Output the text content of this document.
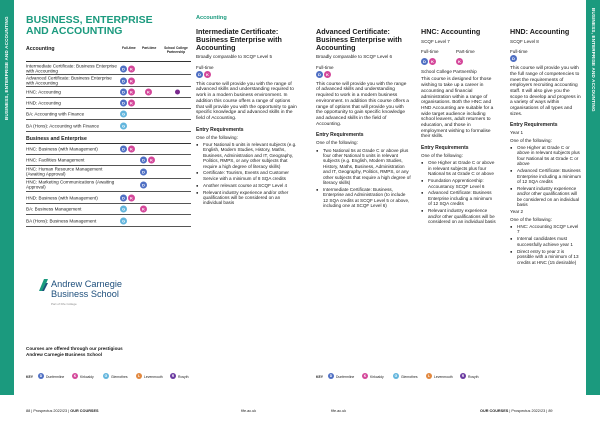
BUSINESS, ENTERPRISE AND ACCOUNTING	BUSINESS, ENTERPRISE AND ACCOUNTING
BUSINESS, ENTERPRISE AND ACCOUNTING
Accounting	Full-time Part-time	School College Partnership
Intermediate Certificate: Business Enterprise with Accounting	D	K
Advanced Certificate: Business Enterprise with Accounting	D	K
HNC: Accounting	D	K	K
HND: Accounting	D	K
BA: Accounting with Finance	G
BA (Hons): Accounting with Finance	G
Business and Enterprise
HNC: Business (with Management)	D	K
HNC: Facilities Management	D	K
HNC: Human Resource Management (Awaiting Approval)	D
HNC: Marketing Communications (Awaiting Approval)	D
HND: Business (with Management)	D	K
BA: Business Management	G	K
BA (Hons): Business Management	G
Andrew Carnegie
Business School
Part of Fife College
Courses are offered through our prestigious Andrew Carnegie Business School
Accounting
Intermediate Certificate: Business Enterprise with Accounting
Broadly comparable to SCQF Level 5
Full-time
D	K
This course will provide you with the range of advanced skills and understanding required to work in a modern business environment. In addition this course offers a range of options that will provide you with the opportunity to gain specific knowledge and advanced skills in the field of Accounting.
Entry Requirements
One of the following:
● Four National 5 units in relevant subjects (e.g. English, Modern Studies, History, Maths, Business, Administration and IT, Geography, Politics, RMPS, or any other subjects that require a high degree of literacy skills)
● Certificate: Tourism, Events and Customer Service with a minimum of 8 SQA credits
● Another relevant course at SCQF Level 4
● Relevant industry experience and/or other qualifications will be considered on an individual basis
Advanced Certificate: Business Enterprise with Accounting
Broadly comparable to SCQF Level 6
Full-time
D	K
This course will provide you with the range of advanced skills and understanding required to work in a modern business environment. In addition this course offers a range of options that will provide you with the opportunity to gain specific knowledge and advanced skills in the field of Accounting.
Entry Requirements
One of the following:
● Two National 5s at Grade C or above plus four other National 5 units in relevant subjects (e.g. English, Modern Studies, History, Maths, Business, Administration and IT, Geography, Politics, RMPS, or any other subjects that require a high degree of literacy skills)
● Intermediate Certificate: Business, Enterprise and Administration (to include 12 SQA credits at SCQF Level 5 or above, including one at SCQF Level 6)
HNC: Accounting
SCQF Level 7
Full-time	Part-time
D	K	K
School College Partnership
This course is designed for those wishing to take up a career in accounting and financial administration within a range of organisations. Both the HNC and HND Accounting are suitable for a wide target audience including school leavers, adult returners to education, and those in employment wishing to formalise their skills.
Entry Requirements
One of the following:
● One Higher at Grade C or above in relevant subjects plus four National 5s at Grade C or above
● Foundation Apprenticeship: Accountancy SCQF Level 6
● Advanced Certificate: Business Enterprise including a minimum of 12 SQA credits
● Relevant industry experience and/or other qualifications will be considered on an individual basis
HND: Accounting
SCQF Level 8
Full-time
D
This course will provide you with the full range of competencies to meet the requirements of employers recruiting accounting staff. It will also give you the scope to develop and progress in a variety of ways within organisations of all types and sizes.
Entry Requirements
Year 1
One of the following:
● One Higher at Grade C or above in relevant subjects plus four National 5s at Grade C or above
● Advanced Certificate: Business Enterprise including a minimum of 12 SQA credits
● Relevant industry experience and/or other qualifications will be considered on an individual basis
Year 2
One of the following:
● HNC: Accounting SCQF Level 7
● Internal candidates must successfully achieve year 1
● Direct entry to year 2 is possible with a minimum of 13 credits at HNC (15 desirable)
KEY	D	Dunfermline	K	Kirkcaldy	G	Glenrothes	L	Levenmouth	R	Rosyth	KEY	D	Dunfermline	K	Kirkcaldy	G	Glenrothes	L	Levenmouth	R	Rosyth
88 | Prospectus 2022/23 | OUR COURSES	fife.ac.uk	fife.ac.uk	OUR COURSES | Prospectus 2022/23 | 89
